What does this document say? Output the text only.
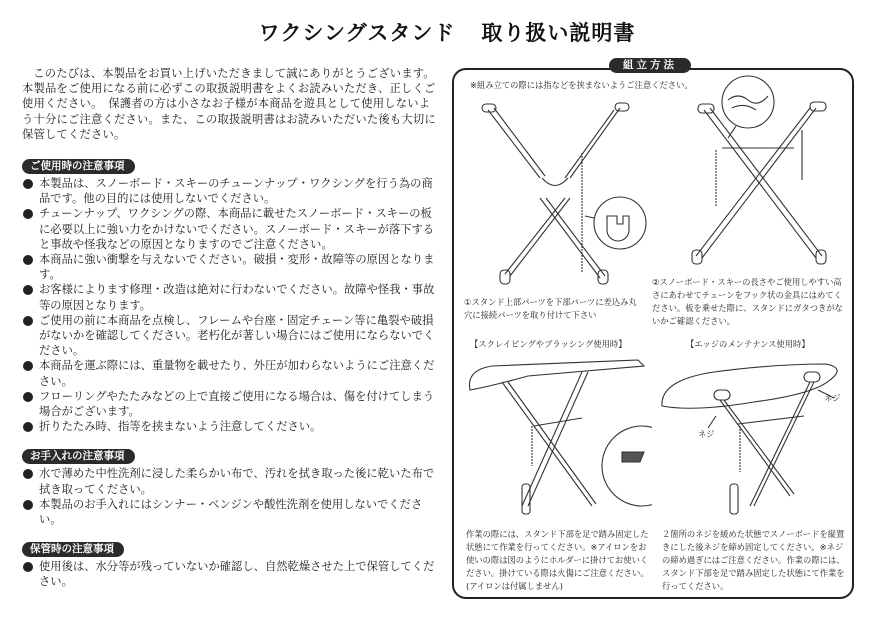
ワクシングスタンド 取り扱い説明書

このたびは、本製品をお買い上げいただきまして誠にありがとうございます。本製品をご使用になる前に必ずこの取扱説明書をよくお読みいただき、正しくご使用ください。　保護者の方は小さなお子様が本商品を遊具として使用しないよう十分にご注意ください。また、この取扱説明書はお読みいただいた後も大切に保管してください。

ご使用時の注意事項
本製品は、スノーボード・スキーのチューンナップ・ワクシングを行う為の商品です。他の目的には使用しないでください。
チューンナップ、ワクシングの際、本商品に載せたスノーボード・スキーの板に必要以上に強い力をかけないでください。スノーボード・スキーが落下すると事故や怪我などの原因となりますのでご注意ください。
本商品に強い衝撃を与えないでください。破損・変形・故障等の原因となります。
お客様によります修理・改造は絶対に行わないでください。故障や怪我・事故等の原因となります。
ご使用の前に本商品を点検し、フレームや台座・固定チェーン等に亀裂や破損がないかを確認してください。老朽化が著しい場合にはご使用にならないでください。
本商品を運ぶ際には、重量物を載せたり、外圧が加わらないようにご注意ください。
フローリングやたたみなどの上で直接ご使用になる場合は、傷を付けてしまう場合がございます。
折りたたみ時、指等を挟まないよう注意してください。
お手入れの注意事項
水で薄めた中性洗剤に浸した柔らかい布で、汚れを拭き取った後に乾いた布で拭き取ってください。
本製品のお手入れにはシンナー・ベンジンや酸性洗剤を使用しないでください。
保管時の注意事項
使用後は、水分等が残っていないか確認し、自然乾燥させた上で保管してください。
組立方法
※組み立ての際には指などを挟まないようご注意ください。
①スタンド上部パーツを下部パーツに差込み丸穴に接続パーツを取り付けて下さい
②スノーボード・スキーの長さやご使用しやすい高さにあわせてチェーンをフック状の金具にはめてください。板を乗せた際に、スタンドにガタつきがないかご確認ください。
【スクレイピングやブラッシング使用時】	【エッジのメンテナンス使用時】
作業の際には、スタンド下部を足で踏み固定した状態にて作業を行ってください。※アイロンをお使いの際は図のようにホルダーに掛けてお使いください。掛けている際は火傷にご注意ください。(アイロンは付属しません)
ネジ
ネジ
２箇所のネジを緩めた状態でスノーボードを縦置きにした後ネジを締め固定してください。※ネジの締め過ぎにはご注意ください。作業の際には、スタンド下部を足で踏み固定した状態にて作業を行ってください。
